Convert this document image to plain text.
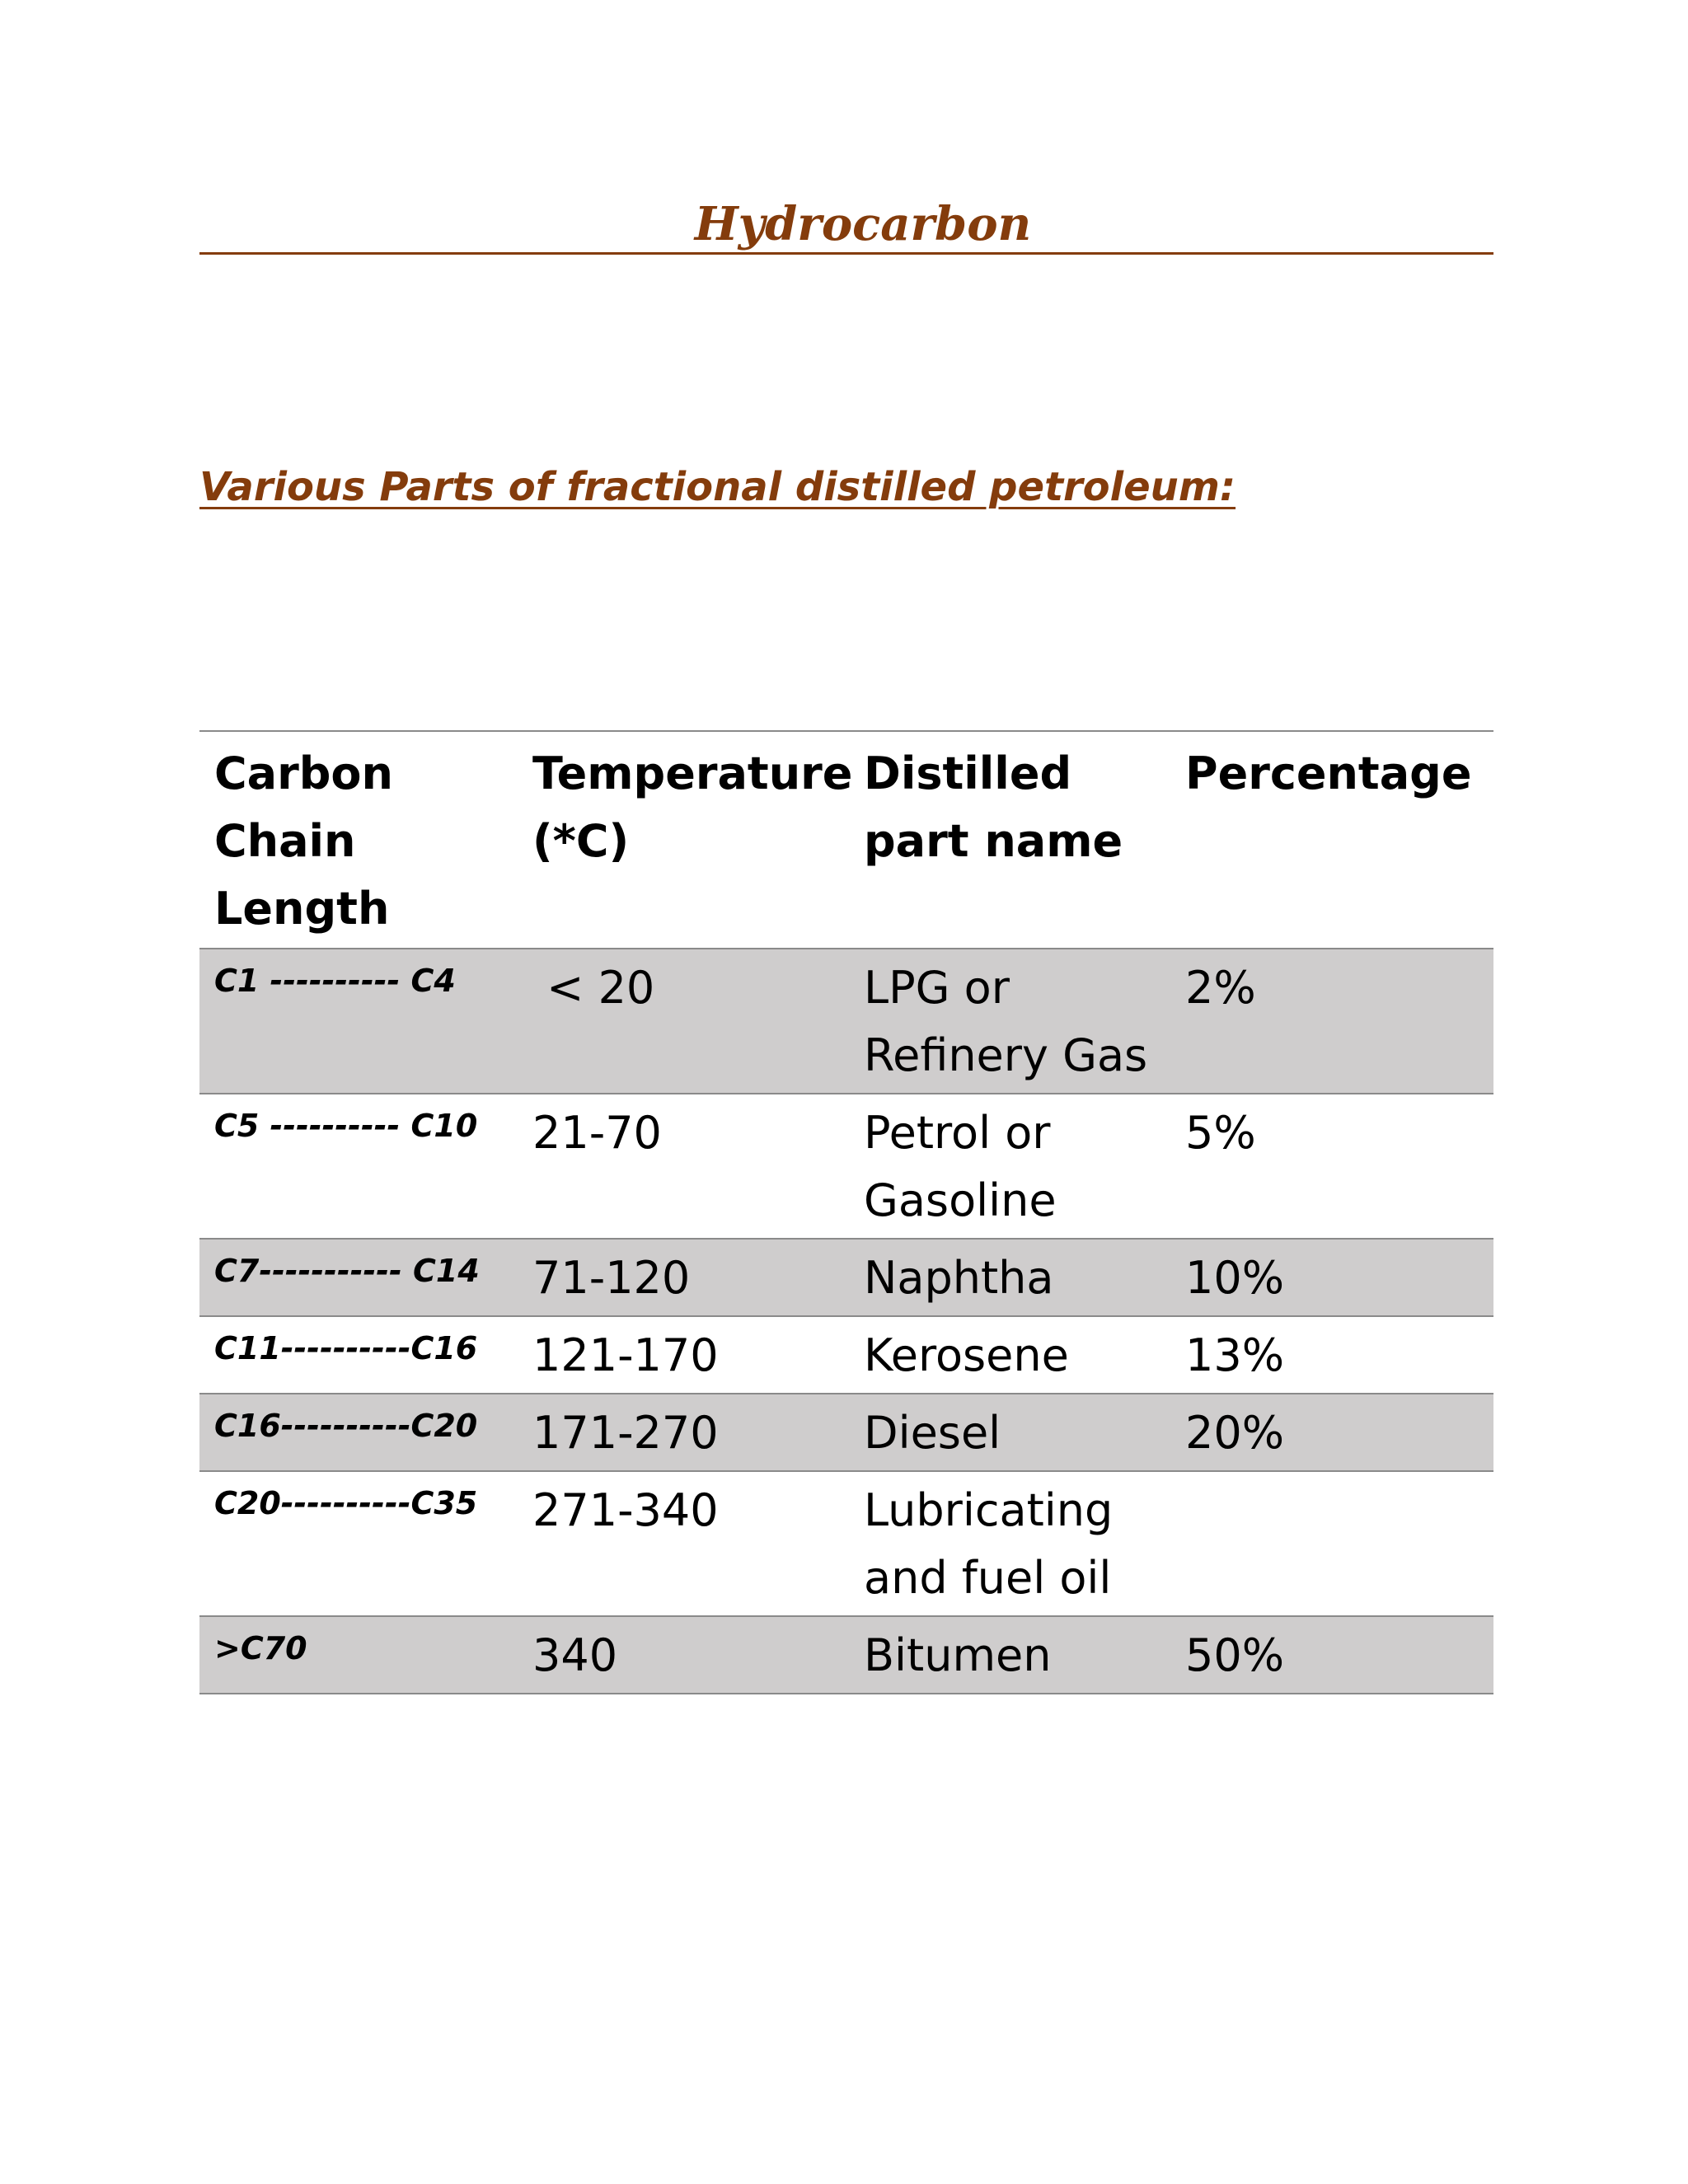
Hydrocarbon
Various Parts of fractional distilled petroleum:
Carbon Chain Length	Temperature (*C)	Distilled part name	Percentage
C1 ---------- C4	< 20	LPG or Refinery Gas	2%
C5 ---------- C10	21-70	Petrol or Gasoline	5%
C7----------- C14	71-120	Naphtha	10%
C11----------C16	121-170	Kerosene	13%
C16----------C20	171-270	Diesel	20%
C20----------C35	271-340	Lubricating and fuel oil	
>C70	340	Bitumen	50%
